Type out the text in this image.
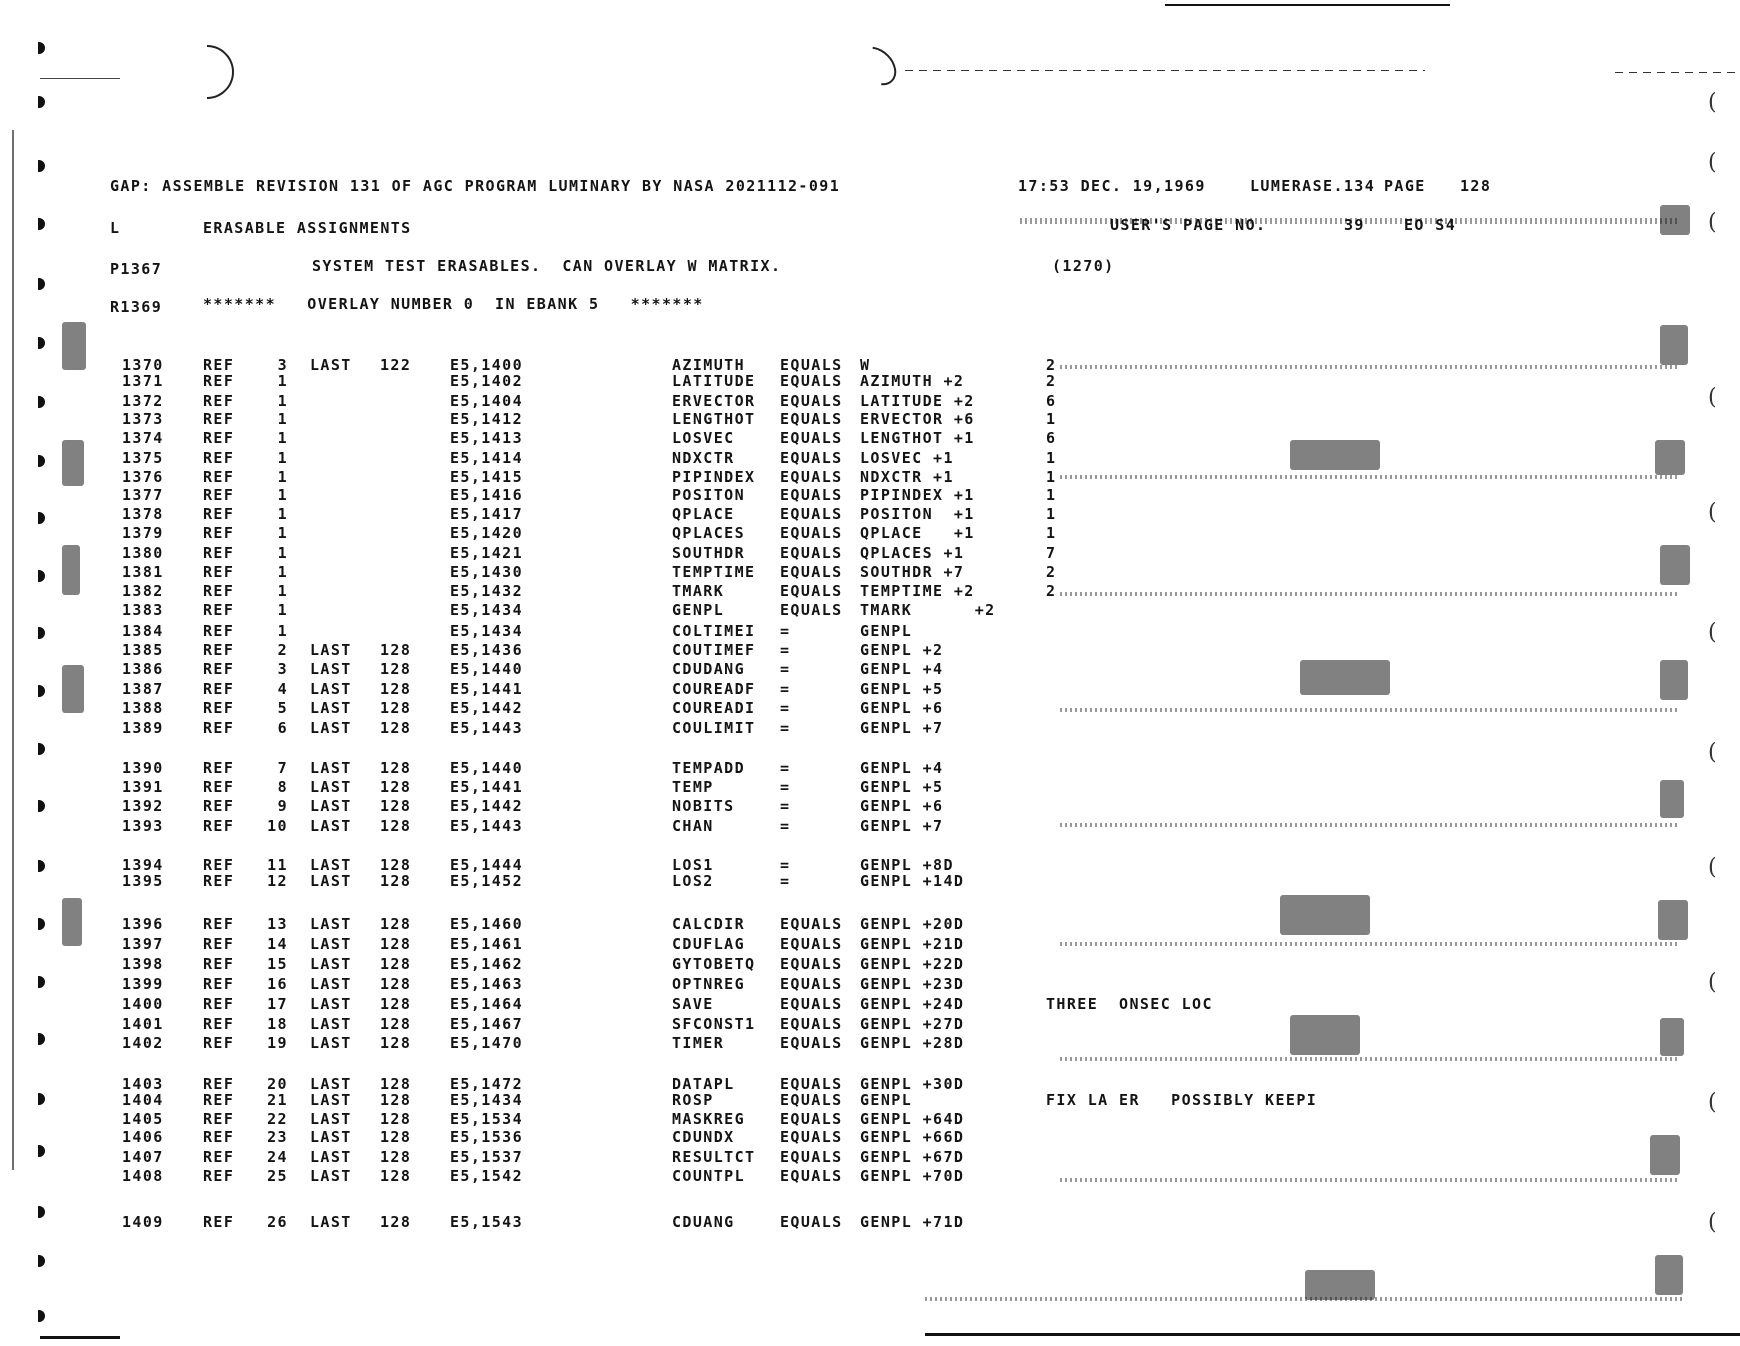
(
(
(
(
(
(
(
(
(
(
(
GAP: ASSEMBLE REVISION 131 OF AGC PROGRAM LUMINARY BY NASA 2021112-091	17:53 DEC. 19,1969	LUMERASE.134 PAGE 128
L	ERASABLE ASSIGNMENTS	USER'S PAGE NO.	39	EO S4
P1367	SYSTEM TEST ERASABLES.  CAN OVERLAY W MATRIX.	(1270)
R1369	*******   OVERLAY NUMBER 0  IN EBANK 5   *******
1370	REF	3 LAST 122	E5,1400	AZIMUTH EQUALS W	2
1371	REF	1	E5,1402	LATITUDE EQUALS AZIMUTH +2	2
1372	REF	1	E5,1404	ERVECTOR EQUALS LATITUDE +2	6
1373	REF	1	E5,1412	LENGTHOT EQUALS ERVECTOR +6	1
1374	REF	1	E5,1413	LOSVEC	EQUALS LENGTHOT +1	6
1375	REF	1	E5,1414	NDXCTR	EQUALS LOSVEC +1	1
1376	REF	1	E5,1415	PIPINDEX EQUALS NDXCTR +1	1
1377	REF	1	E5,1416	POSITON EQUALS PIPINDEX +1	1
1378	REF	1	E5,1417	QPLACE	EQUALS POSITON  +1	1
1379	REF	1	E5,1420	QPLACES EQUALS QPLACE   +1	1
1380	REF	1	E5,1421	SOUTHDR EQUALS QPLACES +1	7
1381	REF	1	E5,1430	TEMPTIME EQUALS SOUTHDR +7	2
1382	REF	1	E5,1432	TMARK	EQUALS TEMPTIME +2	2
1383	REF	1	E5,1434	GENPL	EQUALS TMARK      +2
1384	REF	1	E5,1434	COLTIMEI =	GENPL
1385	REF	2 LAST 128	E5,1436	COUTIMEF =	GENPL +2
1386	REF	3 LAST 128	E5,1440	CDUDANG =	GENPL +4
1387	REF	4 LAST 128	E5,1441	COUREADF =	GENPL +5
1388	REF	5 LAST 128	E5,1442	COUREADI =	GENPL +6
1389	REF	6 LAST 128	E5,1443	COULIMIT =	GENPL +7
1390	REF	7 LAST 128	E5,1440	TEMPADD =	GENPL +4
1391	REF	8 LAST 128	E5,1441	TEMP	=	GENPL +5
1392	REF	9 LAST 128	E5,1442	NOBITS	=	GENPL +6
1393	REF 10 LAST 128	E5,1443	CHAN	=	GENPL +7
1394	REF 11 LAST 128	E5,1444	LOS1	=	GENPL +8D
1395	REF 12 LAST 128	E5,1452	LOS2	=	GENPL +14D
1396	REF 13 LAST 128	E5,1460	CALCDIR EQUALS GENPL +20D
1397	REF 14 LAST 128	E5,1461	CDUFLAG EQUALS GENPL +21D
1398	REF 15 LAST 128	E5,1462	GYTOBETQ EQUALS GENPL +22D
1399	REF 16 LAST 128	E5,1463	OPTNREG EQUALS GENPL +23D
1400	REF 17 LAST 128	E5,1464	SAVE	EQUALS GENPL +24D	THREE  ONSEC LOC
1401	REF 18 LAST 128	E5,1467	SFCONST1 EQUALS GENPL +27D
1402	REF 19 LAST 128	E5,1470	TIMER	EQUALS GENPL +28D
1403	REF 20 LAST 128	E5,1472	DATAPL	EQUALS GENPL +30D
1404	REF 21 LAST 128	E5,1434	ROSP	EQUALS GENPL	FIX LA ER   POSSIBLY KEEPI
1405	REF 22 LAST 128	E5,1534	MASKREG EQUALS GENPL +64D
1406	REF 23 LAST 128	E5,1536	CDUNDX	EQUALS GENPL +66D
1407	REF 24 LAST 128	E5,1537	RESULTCT EQUALS GENPL +67D
1408	REF 25 LAST 128	E5,1542	COUNTPL EQUALS GENPL +70D
1409	REF 26 LAST 128	E5,1543	CDUANG	EQUALS GENPL +71D
